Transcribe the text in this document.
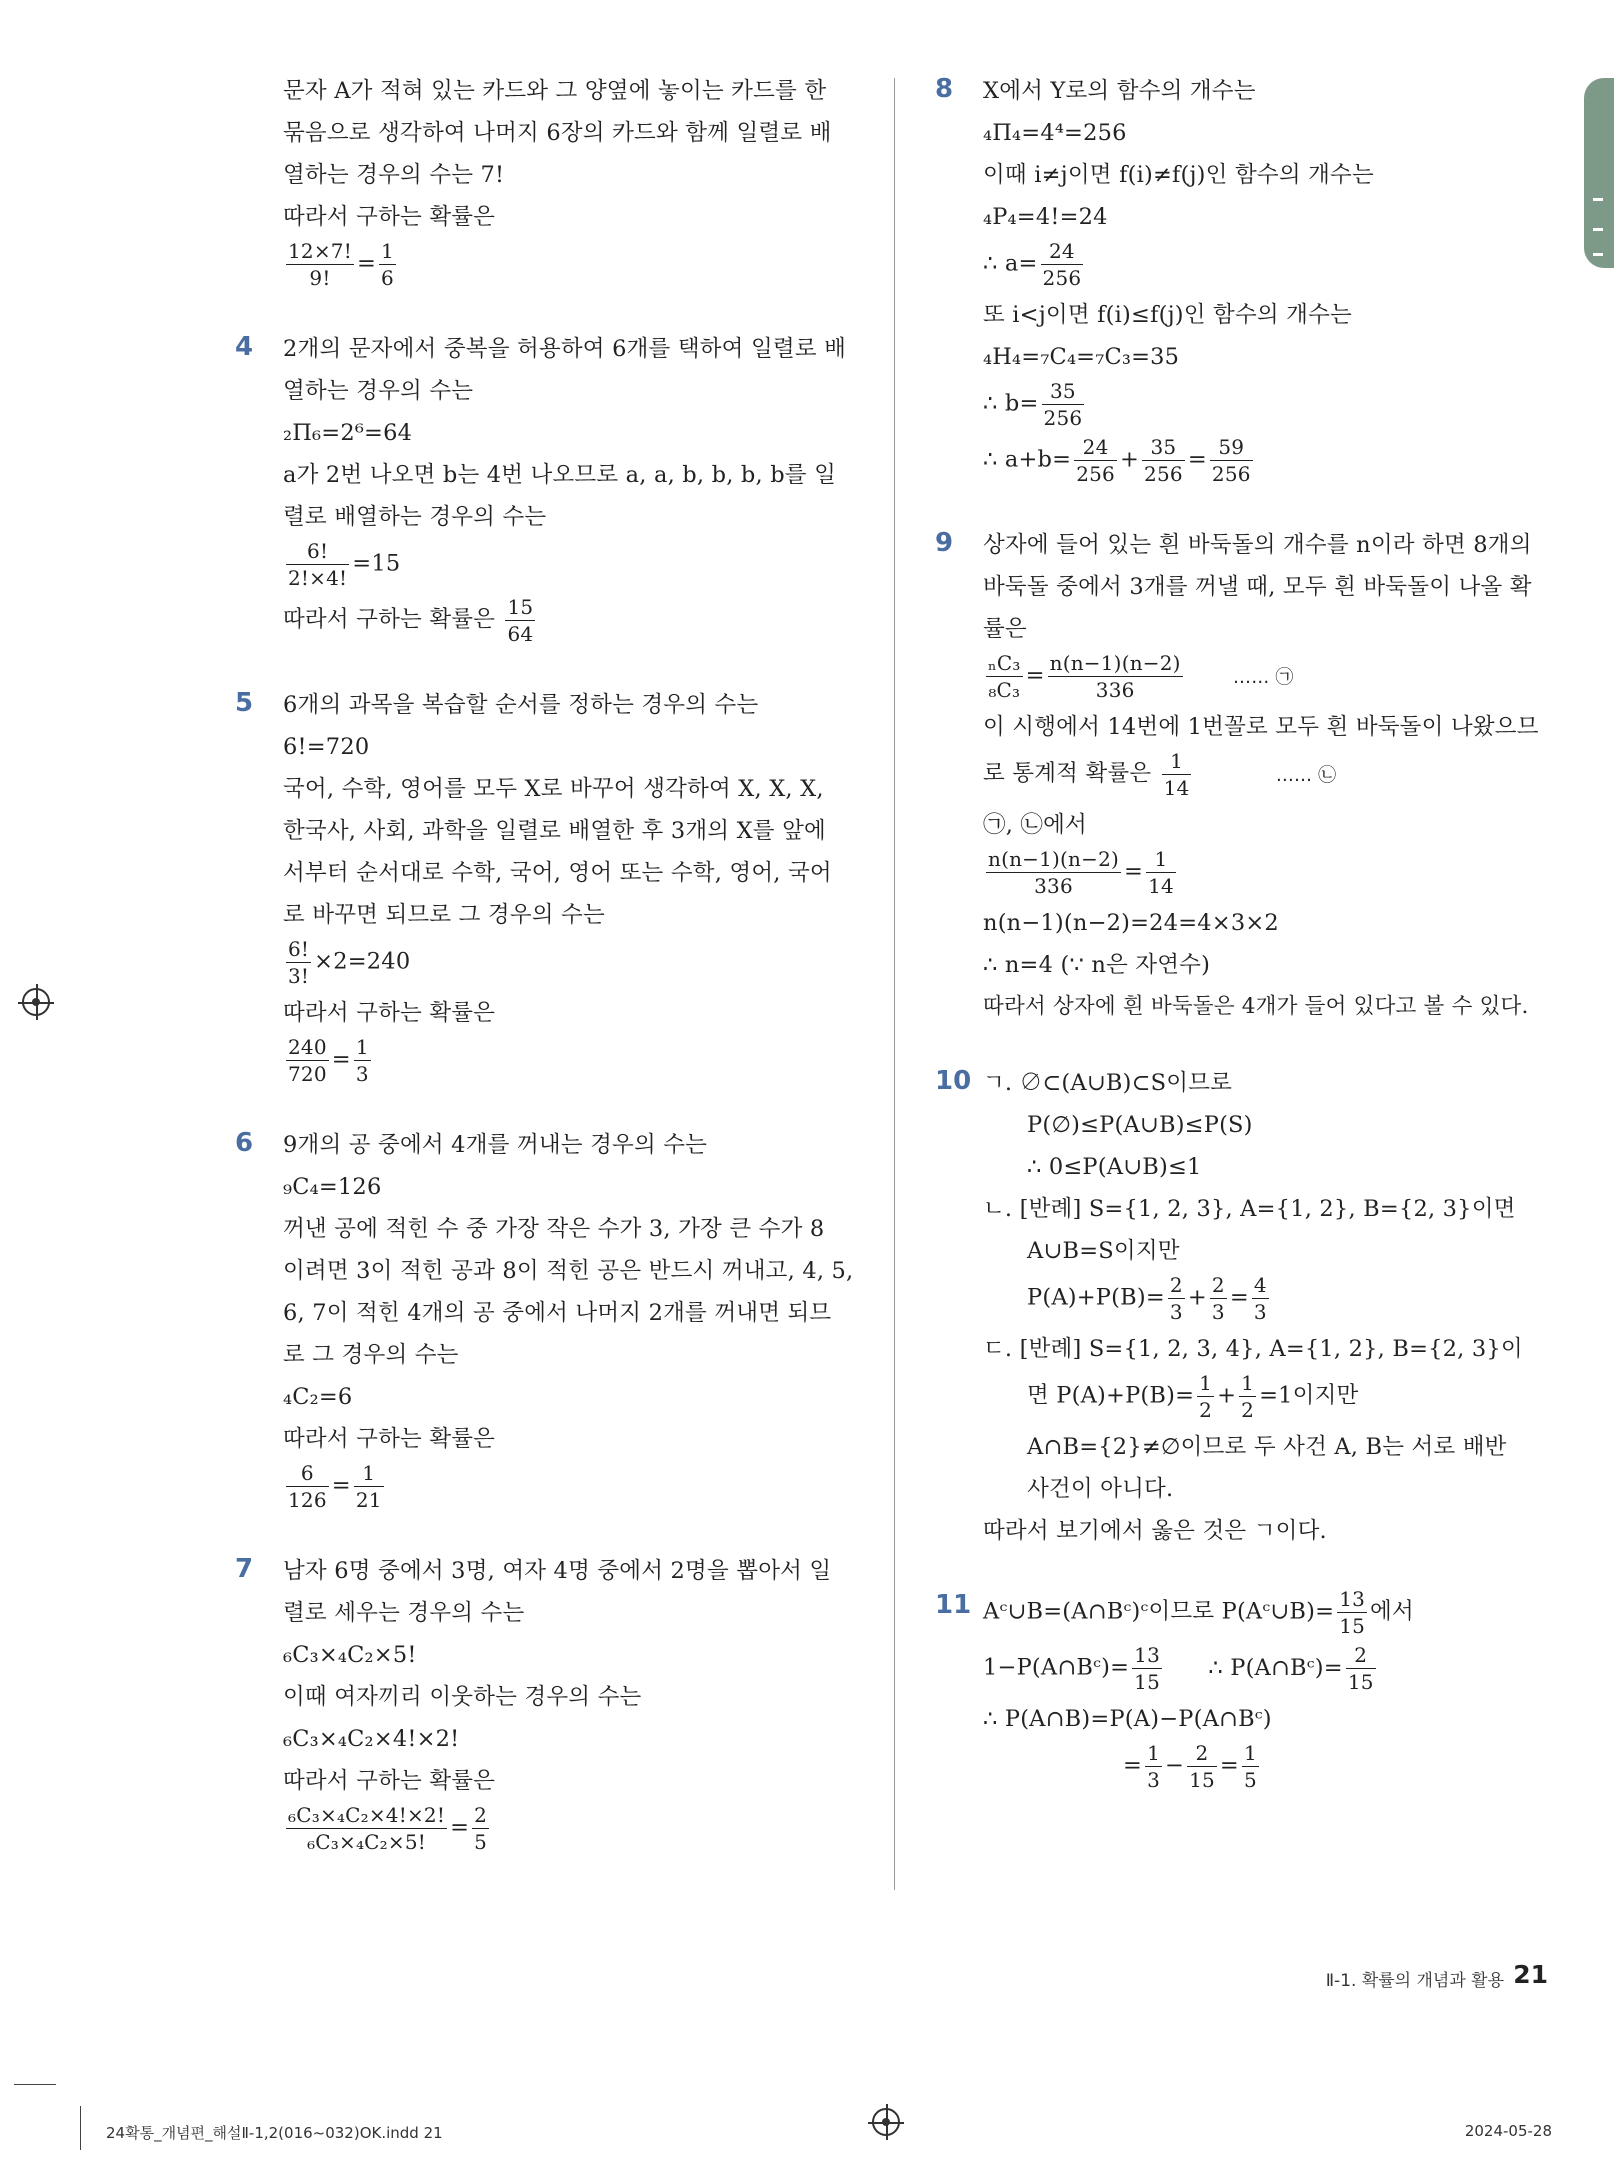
문자 A가 적혀 있는 카드와 그 양옆에 놓이는 카드를 한
묶음으로 생각하여 나머지 6장의 카드와 함께 일렬로 배
열하는 경우의 수는 7!
따라서 구하는 확률은
$\frac{12\times 7!}{9!} = \frac{1}{6}$
4	2개의 문자에서 중복을 허용하여 6개를 택하여 일렬로 배
열하는 경우의 수는
₂Π₆=2⁶=64
a가 2번 나오면 b는 4번 나오므로 a, a, b, b, b, b를 일
렬로 배열하는 경우의 수는
$\frac{6!}{2!\times 4!} =15$
따라서 구하는 확률은 $\frac{15}{64}$
5	6개의 과목을 복습할 순서를 정하는 경우의 수는
6!=720
국어, 수학, 영어를 모두 X로 바꾸어 생각하여 X, X, X,
한국사, 사회, 과학을 일렬로 배열한 후 3개의 X를 앞에
서부터 순서대로 수학, 국어, 영어 또는 수학, 영어, 국어
로 바꾸면 되므로 그 경우의 수는
$\frac{6!}{3!} \times 2=240$
따라서 구하는 확률은
$\frac{240}{720} = \frac{1}{3}$
6	9개의 공 중에서 4개를 꺼내는 경우의 수는
₉C₄=126
꺼낸 공에 적힌 수 중 가장 작은 수가 3, 가장 큰 수가 8
이려면 3이 적힌 공과 8이 적힌 공은 반드시 꺼내고, 4, 5,
6, 7이 적힌 4개의 공 중에서 나머지 2개를 꺼내면 되므
로 그 경우의 수는
₄C₂=6
따라서 구하는 확률은
$\frac{6}{126} = \frac{1}{21}$
7	남자 6명 중에서 3명, 여자 4명 중에서 2명을 뽑아서 일
렬로 세우는 경우의 수는
₆C₃×₄C₂×5!
이때 여자끼리 이웃하는 경우의 수는
₆C₃×₄C₂×4!×2!
따라서 구하는 확률은
$\frac{\text{₆C₃×₄C₂×4!×2!}}{\text{₆C₃×₄C₂×5!}} = \frac{2}{5}$
8	X에서 Y로의 함수의 개수는
₄Π₄=4⁴=256
이때 i≠j이면 f(i)≠f(j)인 함수의 개수는
₄P₄=4!=24
∴ $a= \frac{24}{256}$
또 i<j이면 f(i)≤f(j)인 함수의 개수는
₄H₄=₇C₄=₇C₃=35
∴ $b= \frac{35}{256}$
∴ $a+b= \frac{24}{256} + \frac{35}{256} = \frac{59}{256}$
9	상자에 들어 있는 흰 바둑돌의 개수를 n이라 하면 8개의
바둑돌 중에서 3개를 꺼낼 때, 모두 흰 바둑돌이 나올 확
률은
$\frac{\text{ₙC₃}}{\text{₈C₃}} = \frac{n(n-1)(n-2)}{336}$	…… ㉠
이 시행에서 14번에 1번꼴로 모두 흰 바둑돌이 나왔으므
로 통계적 확률은 $\frac{1}{14}$	…… ㉡
㉠, ㉡에서
$\frac{n(n-1)(n-2)}{336} = \frac{1}{14}$
n(n−1)(n−2)=24=4×3×2
∴ n=4 (∵ n은 자연수)
따라서 상자에 흰 바둑돌은 4개가 들어 있다고 볼 수 있다.
10 ㄱ. ∅⊂(A∪B)⊂S이므로
P(∅)≤P(A∪B)≤P(S)
∴ 0≤P(A∪B)≤1
ㄴ. [반례] S={1, 2, 3}, A={1, 2}, B={2, 3}이면
A∪B=S이지만
$P(A)+P(B)= \frac{2}{3} + \frac{2}{3} = \frac{4}{3}$
ㄷ. [반례] S={1, 2, 3, 4}, A={1, 2}, B={2, 3}이
면 $P(A)+P(B)= \frac{1}{2} + \frac{1}{2} =1$이지만
A∩B={2}≠∅이므로 두 사건 A, B는 서로 배반
사건이 아니다.
따라서 보기에서 옳은 것은 ㄱ이다.
11 Aᶜ∪B=(A∩Bᶜ)ᶜ이므로 P(Aᶜ∪B)= $\frac{13}{15}$ 에서
1−P(A∩Bᶜ)= $\frac{13}{15}$ ∴ P(A∩Bᶜ)= $\frac{2}{15}$
∴ P(A∩B)=P(A)−P(A∩Bᶜ)
= $\frac{1}{3} - \frac{2}{15} = \frac{1}{5}$
Ⅱ-1. 확률의 개념과 활용 21
24확통_개념편_해설Ⅱ-1,2(016~032)OK.indd 21	2024-05-28
